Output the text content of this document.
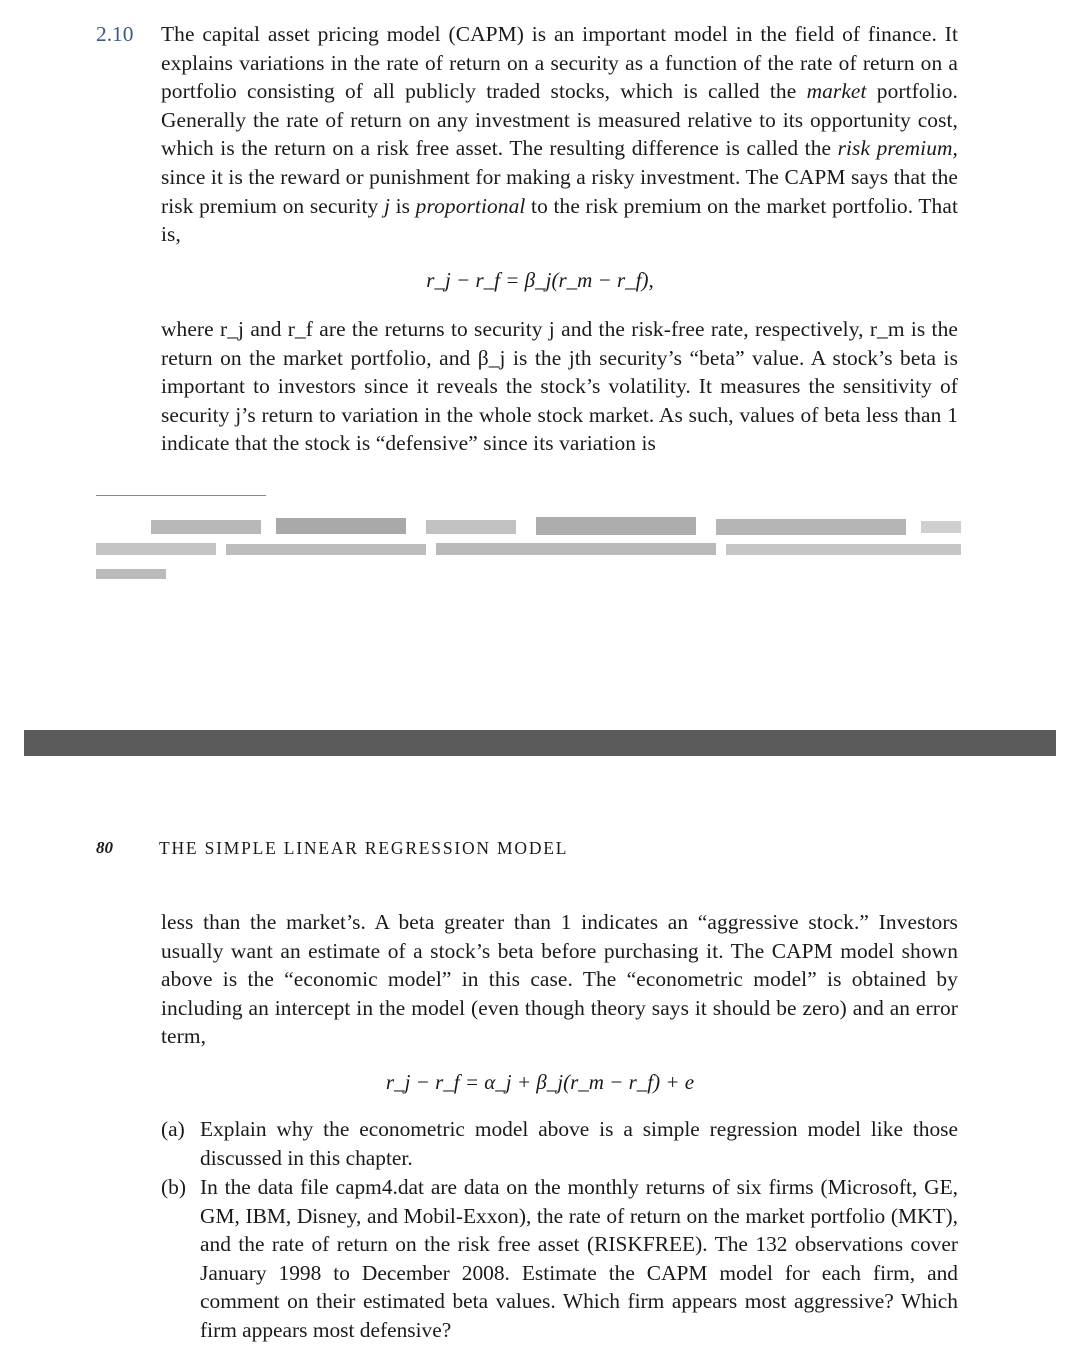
2.10 The capital asset pricing model (CAPM) is an important model in the field of finance. It explains variations in the rate of return on a security as a function of the rate of return on a portfolio consisting of all publicly traded stocks, which is called the market portfolio. Generally the rate of return on any investment is measured relative to its opportunity cost, which is the return on a risk free asset. The resulting difference is called the risk premium, since it is the reward or punishment for making a risky investment. The CAPM says that the risk premium on security j is proportional to the risk premium on the market portfolio. That is,
r_j − r_f = β_j(r_m − r_f),
where r_j and r_f are the returns to security j and the risk-free rate, respectively, r_m is the return on the market portfolio, and β_j is the jth security’s “beta” value. A stock’s beta is important to investors since it reveals the stock’s volatility. It measures the sensitivity of security j’s return to variation in the whole stock market. As such, values of beta less than 1 indicate that the stock is “defensive” since its variation is
80	THE SIMPLE LINEAR REGRESSION MODEL
less than the market’s. A beta greater than 1 indicates an “aggressive stock.” Investors usually want an estimate of a stock’s beta before purchasing it. The CAPM model shown above is the “economic model” in this case. The “econometric model” is obtained by including an intercept in the model (even though theory says it should be zero) and an error term,
r_j − r_f = α_j + β_j(r_m − r_f) + e
(a) Explain why the econometric model above is a simple regression model like those discussed in this chapter.
(b) In the data file capm4.dat are data on the monthly returns of six firms (Microsoft, GE, GM, IBM, Disney, and Mobil-Exxon), the rate of return on the market portfolio (MKT), and the rate of return on the risk free asset (RISKFREE). The 132 observations cover January 1998 to December 2008. Estimate the CAPM model for each firm, and comment on their estimated beta values. Which firm appears most aggressive? Which firm appears most defensive?
